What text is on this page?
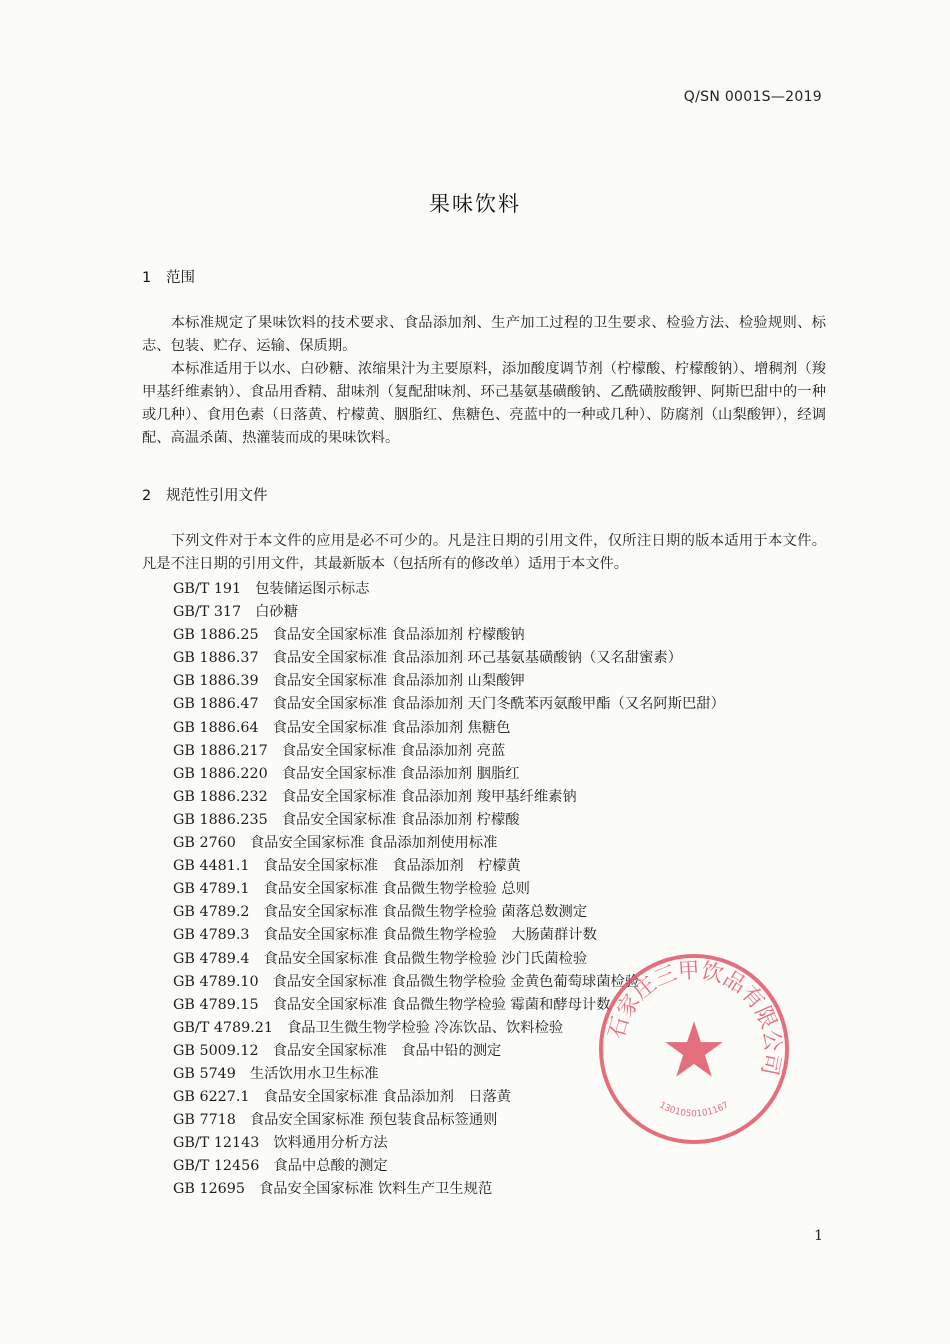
Q/SN 0001S—2019
果味饮料
1 范围

本标准规定了果味饮料的技术要求、食品添加剂、生产加工过程的卫生要求、检验方法、检验规则、标志、包装、贮存、运输、保质期。

本标准适用于以水、白砂糖、浓缩果汁为主要原料，添加酸度调节剂（柠檬酸、柠檬酸钠）、增稠剂（羧甲基纤维素钠）、食品用香精、甜味剂（复配甜味剂、环己基氨基磺酸钠、乙酰磺胺酸钾、阿斯巴甜中的一种或几种）、食用色素（日落黄、柠檬黄、胭脂红、焦糖色、亮蓝中的一种或几种）、防腐剂（山梨酸钾），经调配、高温杀菌、热灌装而成的果味饮料。

2 规范性引用文件

下列文件对于本文件的应用是必不可少的。凡是注日期的引用文件，仅所注日期的版本适用于本文件。凡是不注日期的引用文件，其最新版本（包括所有的修改单）适用于本文件。

GB/T 191 包装储运图示标志
GB/T 317 白砂糖
GB 1886.25 食品安全国家标准 食品添加剂 柠檬酸钠
GB 1886.37 食品安全国家标准 食品添加剂 环己基氨基磺酸钠（又名甜蜜素）
GB 1886.39 食品安全国家标准 食品添加剂 山梨酸钾
GB 1886.47 食品安全国家标准 食品添加剂 天门冬酰苯丙氨酸甲酯（又名阿斯巴甜）
GB 1886.64 食品安全国家标准 食品添加剂 焦糖色
GB 1886.217 食品安全国家标准 食品添加剂 亮蓝
GB 1886.220 食品安全国家标准 食品添加剂 胭脂红
GB 1886.232 食品安全国家标准 食品添加剂 羧甲基纤维素钠
GB 1886.235 食品安全国家标准 食品添加剂 柠檬酸
GB 2760 食品安全国家标准 食品添加剂使用标准
GB 4481.1 食品安全国家标准　食品添加剂　柠檬黄
GB 4789.1 食品安全国家标准 食品微生物学检验 总则
GB 4789.2 食品安全国家标准 食品微生物学检验 菌落总数测定
GB 4789.3 食品安全国家标准 食品微生物学检验　大肠菌群计数
GB 4789.4 食品安全国家标准 食品微生物学检验 沙门氏菌检验
GB 4789.10 食品安全国家标准 食品微生物学检验 金黄色葡萄球菌检验
GB 4789.15 食品安全国家标准 食品微生物学检验 霉菌和酵母计数
GB/T 4789.21 食品卫生微生物学检验 冷冻饮品、饮料检验
GB 5009.12 食品安全国家标准　食品中铅的测定
GB 5749 生活饮用水卫生标准
GB 6227.1 食品安全国家标准 食品添加剂　日落黄
GB 7718 食品安全国家标准 预包装食品标签通则
GB/T 12143 饮料通用分析方法
GB/T 12456 食品中总酸的测定
GB 12695 食品安全国家标准 饮料生产卫生规范
石家庄三甲饮品有限公司
1301050101167
1
